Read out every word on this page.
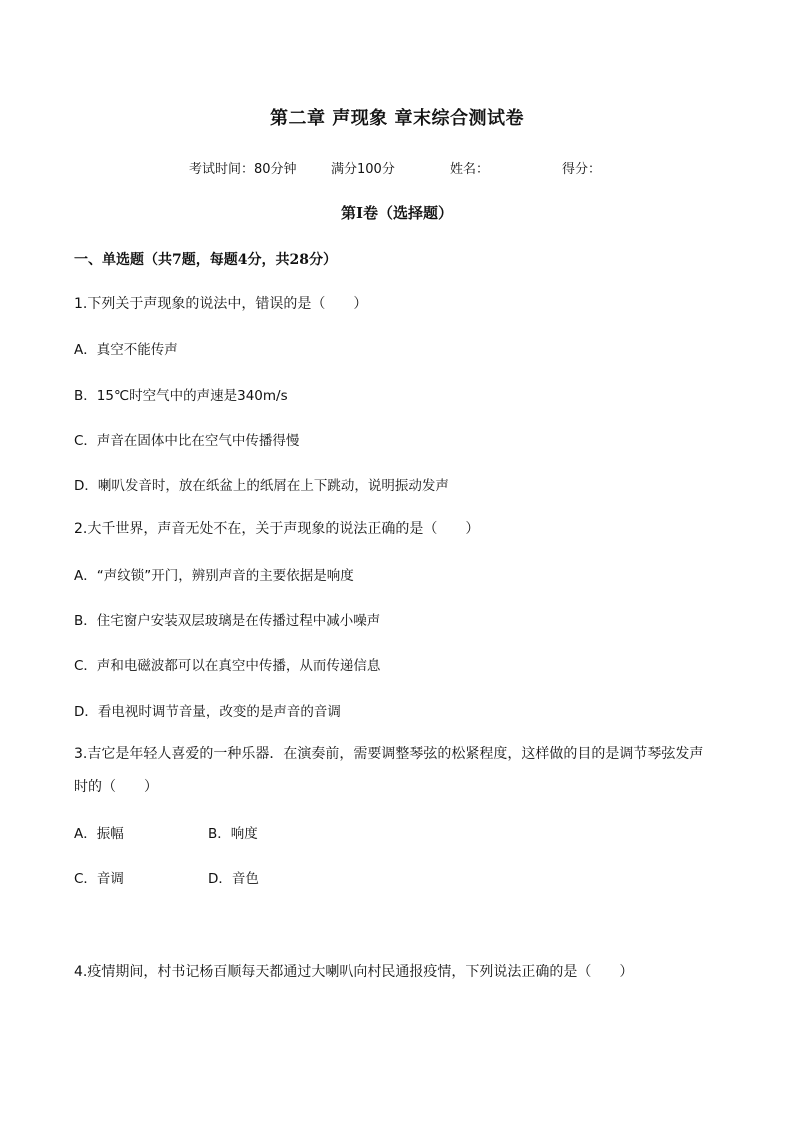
第二章 声现象 章末综合测试卷
考试时间：80分钟	满分100分	姓名：	得分：
第I卷（选择题）
一、单选题（共7题，每题4分，共28分）
1.下列关于声现象的说法中，错误的是（　　）
A．真空不能传声
B．15℃时空气中的声速是340m/s
C．声音在固体中比在空气中传播得慢
D．喇叭发音时，放在纸盆上的纸屑在上下跳动，说明振动发声
2.大千世界，声音无处不在，关于声现象的说法正确的是（　　）
A．“声纹锁”开门，辨别声音的主要依据是响度
B．住宅窗户安装双层玻璃是在传播过程中减小噪声
C．声和电磁波都可以在真空中传播，从而传递信息
D．看电视时调节音量，改变的是声音的音调
3.吉它是年轻人喜爱的一种乐器．在演奏前，需要调整琴弦的松紧程度，这样做的目的是调节琴弦发声
时的（　　）
A．振幅	B．响度
C．音调	D．音色
4.疫情期间，村书记杨百顺每天都通过大喇叭向村民通报疫情，下列说法正确的是（　　）
